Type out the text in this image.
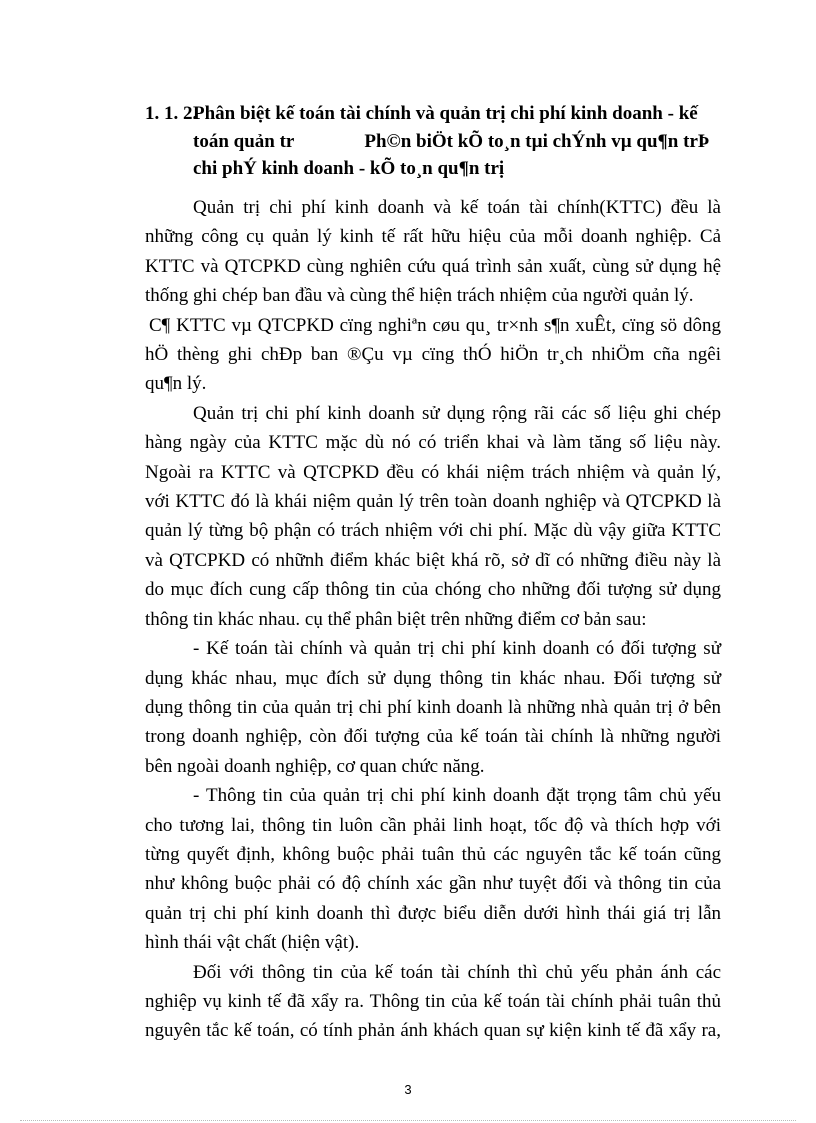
1. 1. 2.Phân biệt kế toán tài chính và quản trị chi phí kinh doanh - kế
toán quản tr	Ph©n biÖt kÕ to¸n tµi chÝnh vµ qu¶n trÞ
chi phÝ kinh doanh - kÕ to¸n qu¶n trị
Quản trị chi phí kinh doanh và kế toán tài chính(KTTC) đều là
những công cụ quản lý kinh tế rất hữu hiệu của mỗi doanh nghiệp. Cả
KTTC và QTCPKD cùng nghiên cứu quá trình sản xuất, cùng sử dụng hệ
thống ghi chép ban đầu và cùng thể hiện trách nhiệm của người quản lý.
C¶ KTTC vµ QTCPKD cïng nghiªn cøu qu¸ tr×nh s¶n xuÊt, cïng sö dông
hÖ thèng ghi chÐp ban ®Çu vµ cïng thÓ hiÖn tr¸ch nhiÖm cña ngêi
qu¶n lý.
Quản trị chi phí kinh doanh sử dụng rộng rãi các số liệu ghi chép
hàng ngày của KTTC mặc dù nó có triển khai và làm tăng số liệu này.
Ngoài ra KTTC và QTCPKD đều có khái niệm trách nhiệm và quản lý,
với KTTC đó là khái niệm quản lý trên toàn doanh nghiệp và QTCPKD là
quản lý từng bộ phận có trách nhiệm với chi phí. Mặc dù vậy giữa KTTC
và QTCPKD có nhữnh điểm khác biệt khá rõ, sở dĩ có những điều này là
do mục đích cung cấp thông tin của chóng cho những đối tượng sử dụng
thông tin khác nhau. cụ thể phân biệt trên những điểm cơ bản sau:
- Kế toán tài chính và quản trị chi phí kinh doanh có đối tượng sử
dụng khác nhau, mục đích sử dụng thông tin khác nhau. Đối tượng sử
dụng thông tin của quản trị chi phí kinh doanh là những nhà quản trị ở bên
trong doanh nghiệp, còn đối tượng của kế toán tài chính là những người
bên ngoài doanh nghiệp, cơ quan chức năng.
- Thông tin của quản trị chi phí kinh doanh đặt trọng tâm chủ yếu
cho tương lai, thông tin luôn cần phải linh hoạt, tốc độ và thích hợp với
từng quyết định, không buộc phải tuân thủ các nguyên tắc kế toán cũng
như không buộc phải có độ chính xác gần như tuyệt đối và thông tin của
quản trị chi phí kinh doanh thì được biểu diễn dưới hình thái giá trị lẫn
hình thái vật chất (hiện vật).
Đối với thông tin của kế toán tài chính thì chủ yếu phản ánh các
nghiệp vụ kinh tế đã xẩy ra. Thông tin của kế toán tài chính phải tuân thủ
nguyên tắc kế toán, có tính phản ánh khách quan sự kiện kinh tế đã xẩy ra,
3
